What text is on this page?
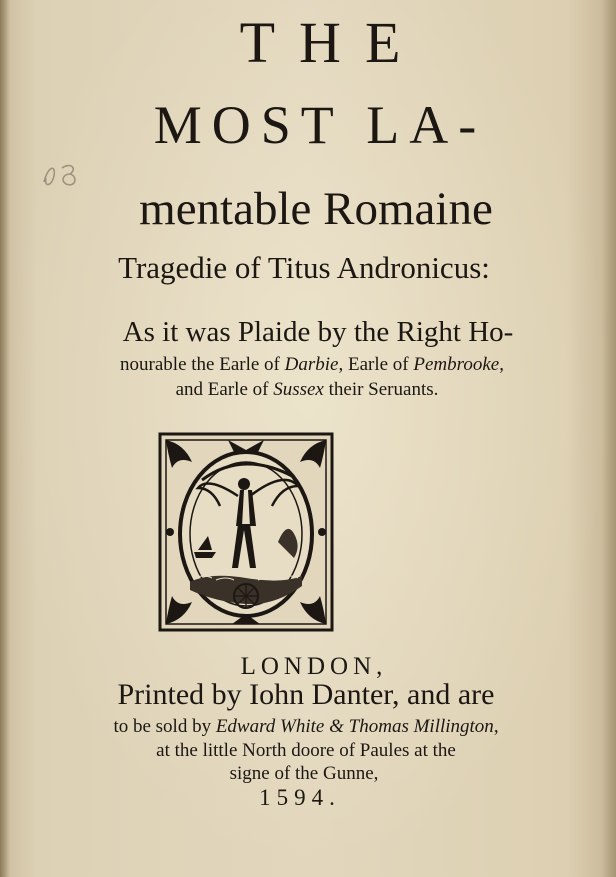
THE
MOST LA-
mentable Romaine
Tragedie of Titus Andronicus:
As it was Plaide by the Right Ho-
nourable the Earle of Darbie, Earle of Pembrooke,
and Earle of Sussex their Seruants.
LONDON,
Printed by Iohn Danter, and are
to be sold by Edward White & Thomas Millington,
at the little North doore of Paules at the
signe of the Gunne,
1594.
